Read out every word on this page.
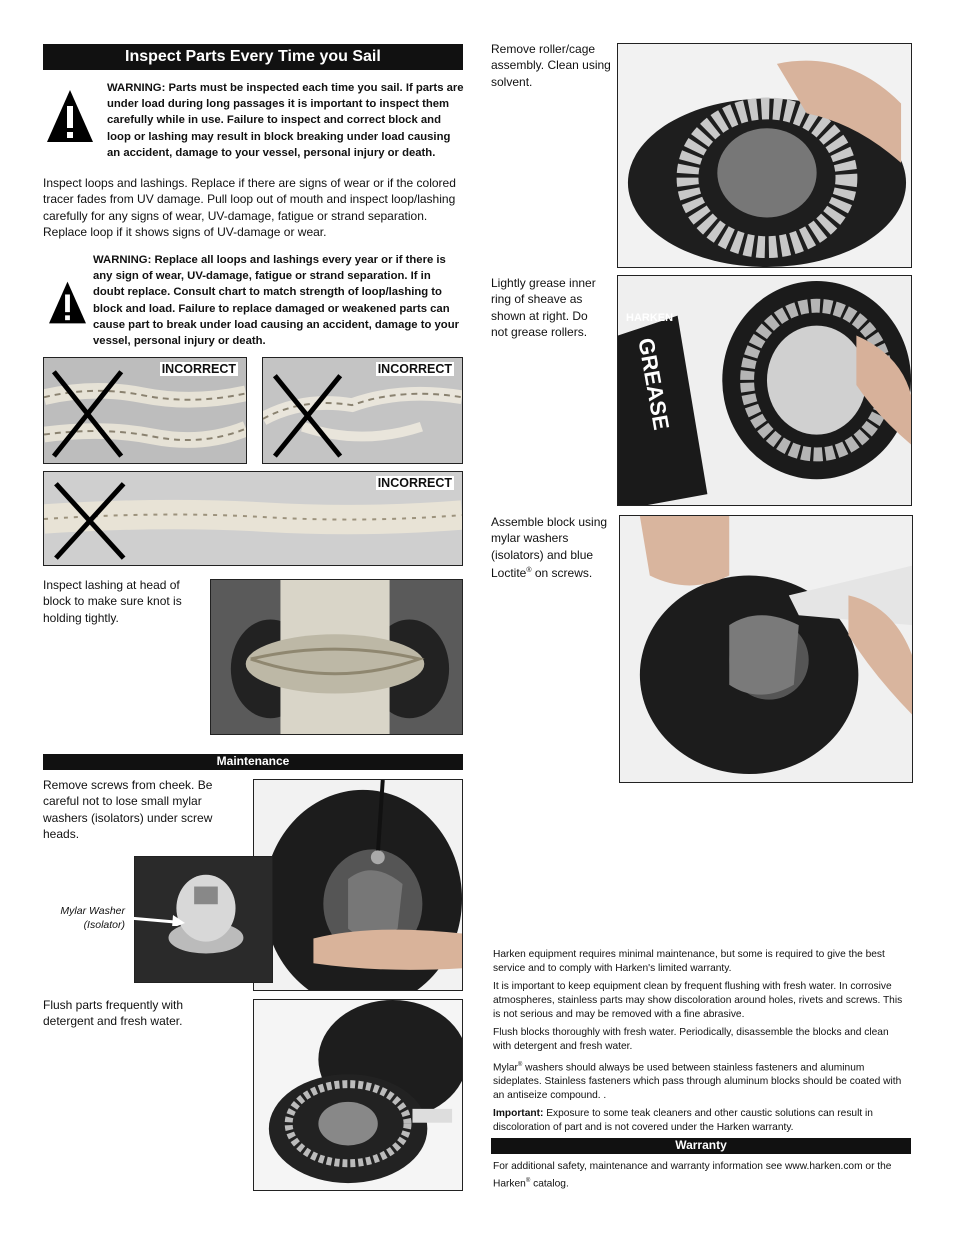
Inspect Parts Every Time you Sail
WARNING: Parts must be inspected each time you sail. If parts are under load during long passages it is important to inspect them carefully while in use. Failure to inspect and correct block and loop or lashing may result in block breaking under load causing an accident, damage to your vessel, personal injury or death.
Inspect loops and lashings. Replace if there are signs of wear or if the colored tracer fades from UV damage. Pull loop out of mouth and inspect loop/lashing carefully for any signs of wear, UV-damage, fatigue or strand separation. Replace loop if it shows signs of UV-damage or wear.
WARNING: Replace all loops and lashings every year or if there is any sign of wear, UV-damage, fatigue or strand separation. If in doubt replace. Consult chart to match strength of loop/lashing to block and load. Failure to replace damaged or weakened parts can cause part to break under load causing an accident, damage to your vessel, personal injury or death.
INCORRECT	INCORRECT
INCORRECT
Inspect lashing at head of block to make sure knot is holding tightly.
Maintenance
Remove screws from cheek. Be careful not to lose small mylar washers (isolators) under screw heads.
Mylar Washer
(Isolator)
Flush parts frequently with detergent and fresh water.
Remove roller/cage assembly. Clean using solvent.
Lightly grease inner ring of sheave as shown at right. Do not grease rollers.
GREASE
HARKEN
Assemble block using mylar washers (isolators) and blue Loctite® on screws.

Harken equipment requires minimal maintenance, but some is required to give the best service and to comply with Harken's limited warranty.

It is important to keep equipment clean by frequent flushing with fresh water. In corrosive atmospheres, stainless parts may show discoloration around holes, rivets and screws. This is not serious and may be removed with a fine abrasive.

Flush blocks thoroughly with fresh water. Periodically, disassemble the blocks and clean with detergent and fresh water.

Mylar® washers should always be used between stainless fasteners and aluminum sideplates. Stainless fasteners which pass through aluminum blocks should be coated with an antiseize compound. .

Important: Exposure to some teak cleaners and other caustic solutions can result in discoloration of part and is not covered under the Harken warranty.

Warranty
For additional safety, maintenance and warranty information see www.harken.com or the Harken® catalog.
